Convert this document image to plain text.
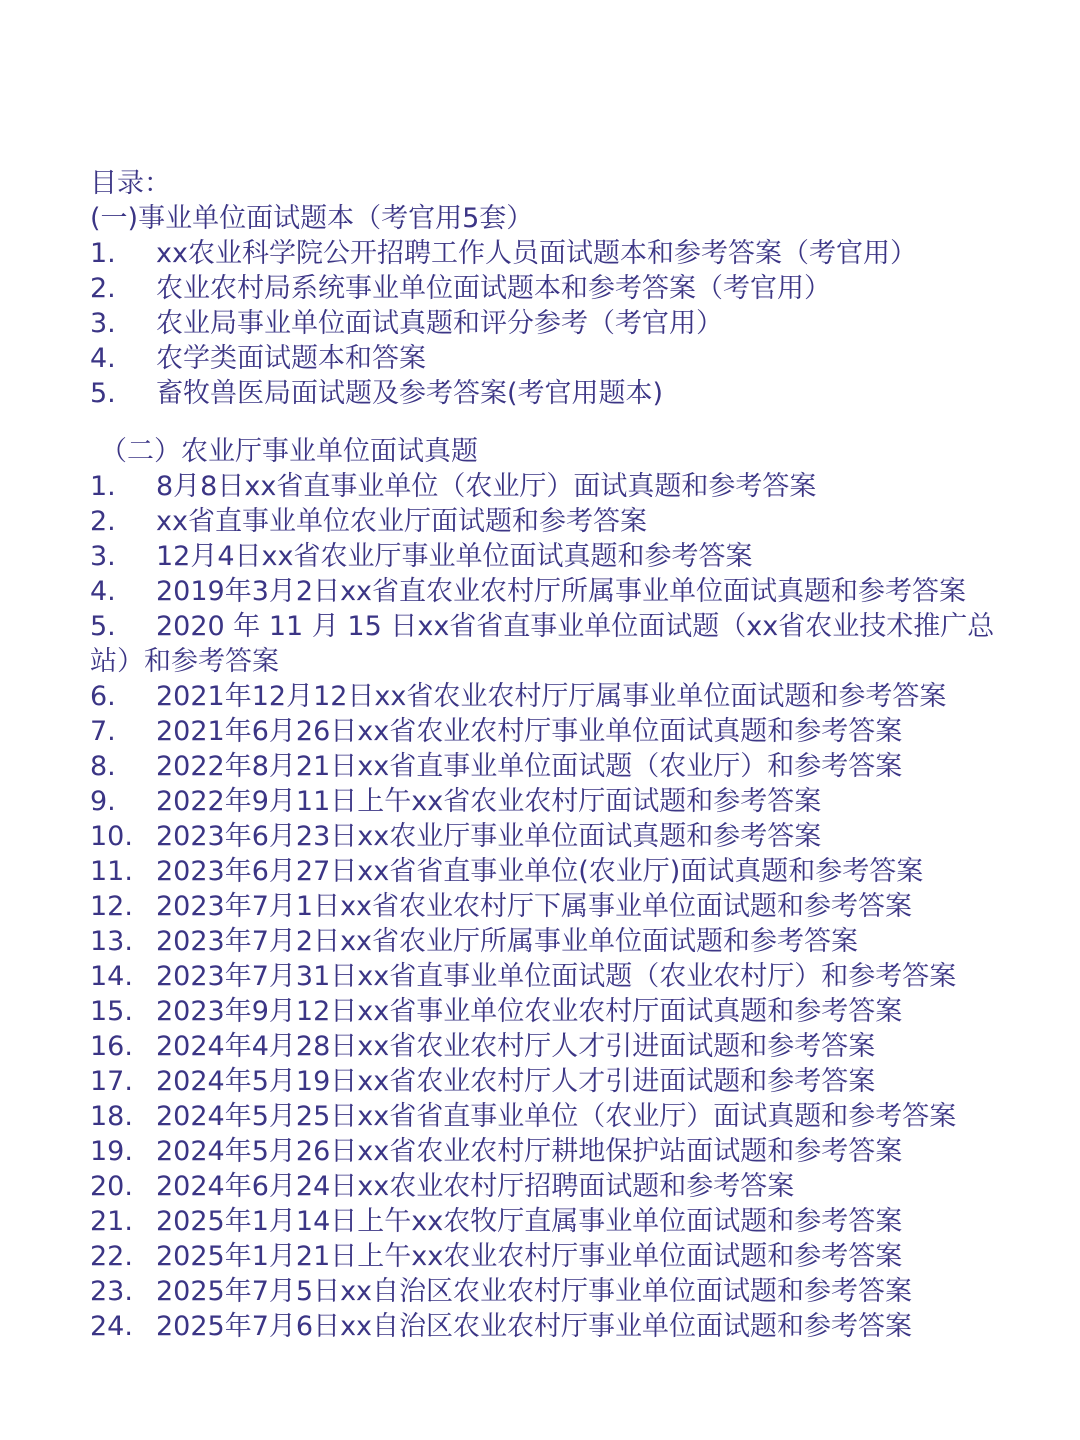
目录：
(一)事业单位面试题本（考官用5套）
1.	xx农业科学院公开招聘工作人员面试题本和参考答案（考官用）
2.	农业农村局系统事业单位面试题本和参考答案（考官用）
3.	农业局事业单位面试真题和评分参考（考官用）
4.	农学类面试题本和答案
5.	畜牧兽医局面试题及参考答案(考官用题本)
（二）农业厅事业单位面试真题
1.	8月8日xx省直事业单位（农业厅）面试真题和参考答案
2.	xx省直事业单位农业厅面试题和参考答案
3.	12月4日xx省农业厅事业单位面试真题和参考答案
4.	2019年3月2日xx省直农业农村厅所属事业单位面试真题和参考答案
5.	2020 年 11 月 15 日xx省省直事业单位面试题（xx省农业技术推广总
站）和参考答案
6.	2021年12月12日xx省农业农村厅厅属事业单位面试题和参考答案
7.	2021年6月26日xx省农业农村厅事业单位面试真题和参考答案
8.	2022年8月21日xx省直事业单位面试题（农业厅）和参考答案
9.	2022年9月11日上午xx省农业农村厅面试题和参考答案
10. 2023年6月23日xx农业厅事业单位面试真题和参考答案
11. 2023年6月27日xx省省直事业单位(农业厅)面试真题和参考答案
12. 2023年7月1日xx省农业农村厅下属事业单位面试题和参考答案
13. 2023年7月2日xx省农业厅所属事业单位面试题和参考答案
14. 2023年7月31日xx省直事业单位面试题（农业农村厅）和参考答案
15. 2023年9月12日xx省事业单位农业农村厅面试真题和参考答案
16. 2024年4月28日xx省农业农村厅人才引进面试题和参考答案
17. 2024年5月19日xx省农业农村厅人才引进面试题和参考答案
18. 2024年5月25日xx省省直事业单位（农业厅）面试真题和参考答案
19. 2024年5月26日xx省农业农村厅耕地保护站面试题和参考答案
20. 2024年6月24日xx农业农村厅招聘面试题和参考答案
21. 2025年1月14日上午xx农牧厅直属事业单位面试题和参考答案
22. 2025年1月21日上午xx农业农村厅事业单位面试题和参考答案
23. 2025年7月5日xx自治区农业农村厅事业单位面试题和参考答案
24. 2025年7月6日xx自治区农业农村厅事业单位面试题和参考答案
